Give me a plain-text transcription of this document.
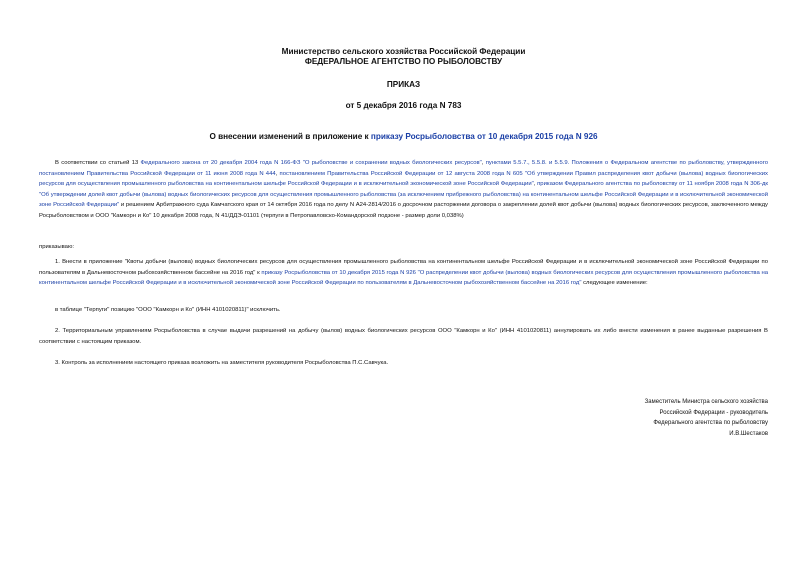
Министерство сельского хозяйства Российской Федерации
ФЕДЕРАЛЬНОЕ АГЕНТСТВО ПО РЫБОЛОВСТВУ
ПРИКАЗ
от 5 декабря 2016 года N 783
О внесении изменений в приложение к приказу Росрыболовства от 10 декабря 2015 года N 926

В соответствии со статьей 13 Федерального закона от 20 декабря 2004 года N 166-ФЗ "О рыболовстве и сохранении водных биологических ресурсов", пунктами 5.5.7., 5.5.8. и 5.5.9. Положения о Федеральном агентстве по рыболовству, утвержденного постановлением Правительства Российской Федерации от 11 июня 2008 года N 444, постановлением Правительства Российской Федерации от 12 августа 2008 года N 605 "Об утверждении Правил распределения квот добычи (вылова) водных биологических ресурсов для осуществления промышленного рыболовства на континентальном шельфе Российской Федерации и в исключительной экономической зоне Российской Федерации", приказом Федерального агентства по рыболовству от 11 ноября 2008 года N 306-дк "Об утверждении долей квот добычи (вылова) водных биологических ресурсов для осуществления промышленного рыболовства (за исключением прибрежного рыболовства) на континентальном шельфе Российской Федерации и в исключительной экономической зоне Российской Федерации" и решением Арбитражного суда Камчатского края от 14 октября 2016 года по делу N А24-2814/2016 о досрочном расторжении договора о закреплении долей квот добычи (вылова) водных биологических ресурсов, заключенного между Росрыболовством и ООО "Камкорн и Ко" 10 декабря 2008 года, N 41/ДДЭ-01101 (терпуги в Петропавловско-Командорской подзоне - размер доли 0,038%)

приказываю:

1. Внести в приложение "Квоты добычи (вылова) водных биологических ресурсов для осуществления промышленного рыболовства на континентальном шельфе Российской Федерации и в исключительной экономической зоне Российской Федерации по пользователям в Дальневосточном рыбохозяйственном бассейне на 2016 год" к приказу Росрыболовства от 10 декабря 2015 года N 926 "О распределении квот добычи (вылова) водных биологических ресурсов для осуществления промышленного рыболовства на континентальном шельфе Российской Федерации и в исключительной экономической зоне Российской Федерации по пользователям в Дальневосточном рыбохозяйственном бассейне на 2016 год" следующее изменение:

в таблице "Терпуги" позицию "ООО "Камкорн и Ко" (ИНН 4101020811)" исключить.

2. Территориальным управлениям Росрыболовства в случае выдачи разрешений на добычу (вылов) водных биологических ресурсов ООО "Камкорн и Ко" (ИНН 4101020811) аннулировать их либо внести изменения в ранее выданные разрешения В соответствии с настоящим приказом.

3. Контроль за исполнением настоящего приказа возложить на заместителя руководителя Росрыболовства П.С.Савчука.

Заместитель Министра сельского хозяйства
Российской Федерации - руководитель
Федерального агентства по рыболовству
И.В.Шестаков
